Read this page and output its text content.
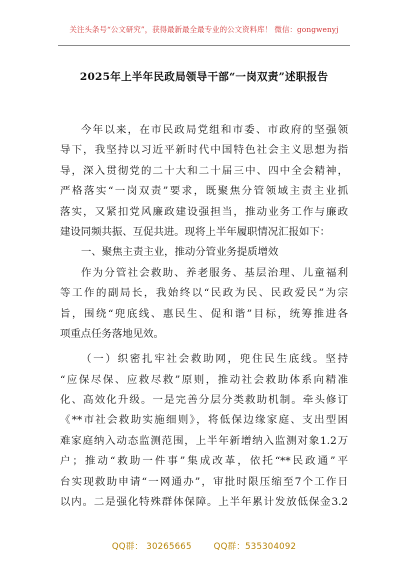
关注头条号“公文研究”，获得最新最全最专业的公文资料库！ 微信：gongwenyj
2025年上半年民政局领导干部“一岗双责”述职报告
今年以来，在市民政局党组和市委、市政府的坚强领
导下，我坚持以习近平新时代中国特色社会主义思想为指
导，深入贯彻党的二十大和二十届三中、四中全会精神，
严格落实“一岗双责”要求，既聚焦分管领域主责主业抓
落实，又紧扣党风廉政建设强担当，推动业务工作与廉政
建设同频共振、互促共进。现将上半年履职情况汇报如下：
一、聚焦主责主业，推动分管业务提质增效
作为分管社会救助、养老服务、基层治理、儿童福利
等工作的副局长，我始终以“民政为民、民政爱民”为宗
旨，围绕“兜底线、惠民生、促和谐”目标，统筹推进各
项重点任务落地见效。
（一）织密扎牢社会救助网，兜住民生底线。坚持
“应保尽保、应救尽救”原则，推动社会救助体系向精准
化、高效化升级。一是完善分层分类救助机制。牵头修订
《**市社会救助实施细则》，将低保边缘家庭、支出型困
难家庭纳入动态监测范围，上半年新增纳入监测对象1.2万
户；推动“救助一件事”集成改革，依托“**民政通”平
台实现救助申请“一网通办”，审批时限压缩至7个工作日
以内。二是强化特殊群体保障。上半年累计发放低保金3.2
QQ群： 30265665	QQ群：535304092
